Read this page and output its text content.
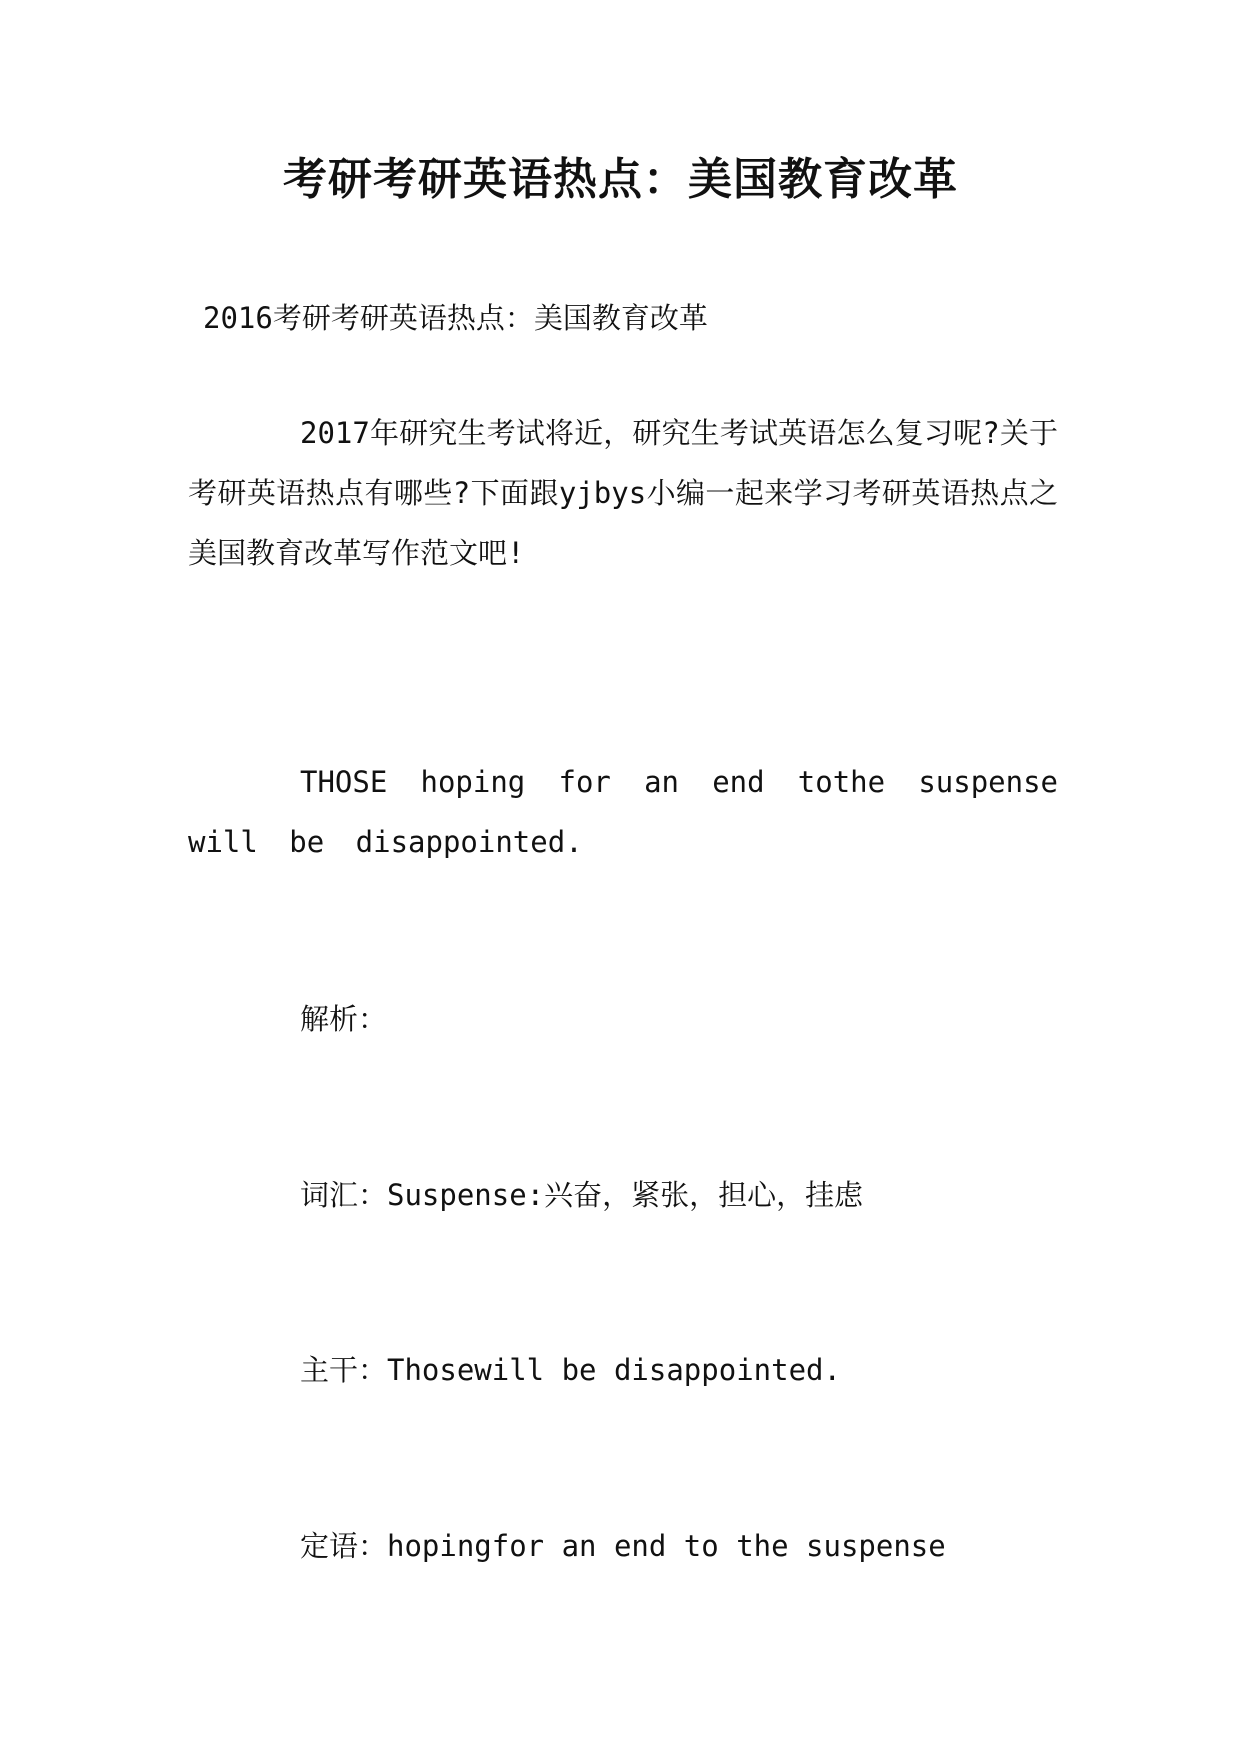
考研考研英语热点：美国教育改革

2016考研考研英语热点：美国教育改革

2017年研究生考试将近，研究生考试英语怎么复习呢?关于考研英语热点有哪些?下面跟yjbys小编一起来学习考研英语热点之美国教育改革写作范文吧!

THOSE hoping for an end tothe suspense will be disappointed.

解析：

词汇：Suspense:兴奋，紧张，担心，挂虑

主干：Thosewill be disappointed.

定语：hopingfor an end to the suspense
